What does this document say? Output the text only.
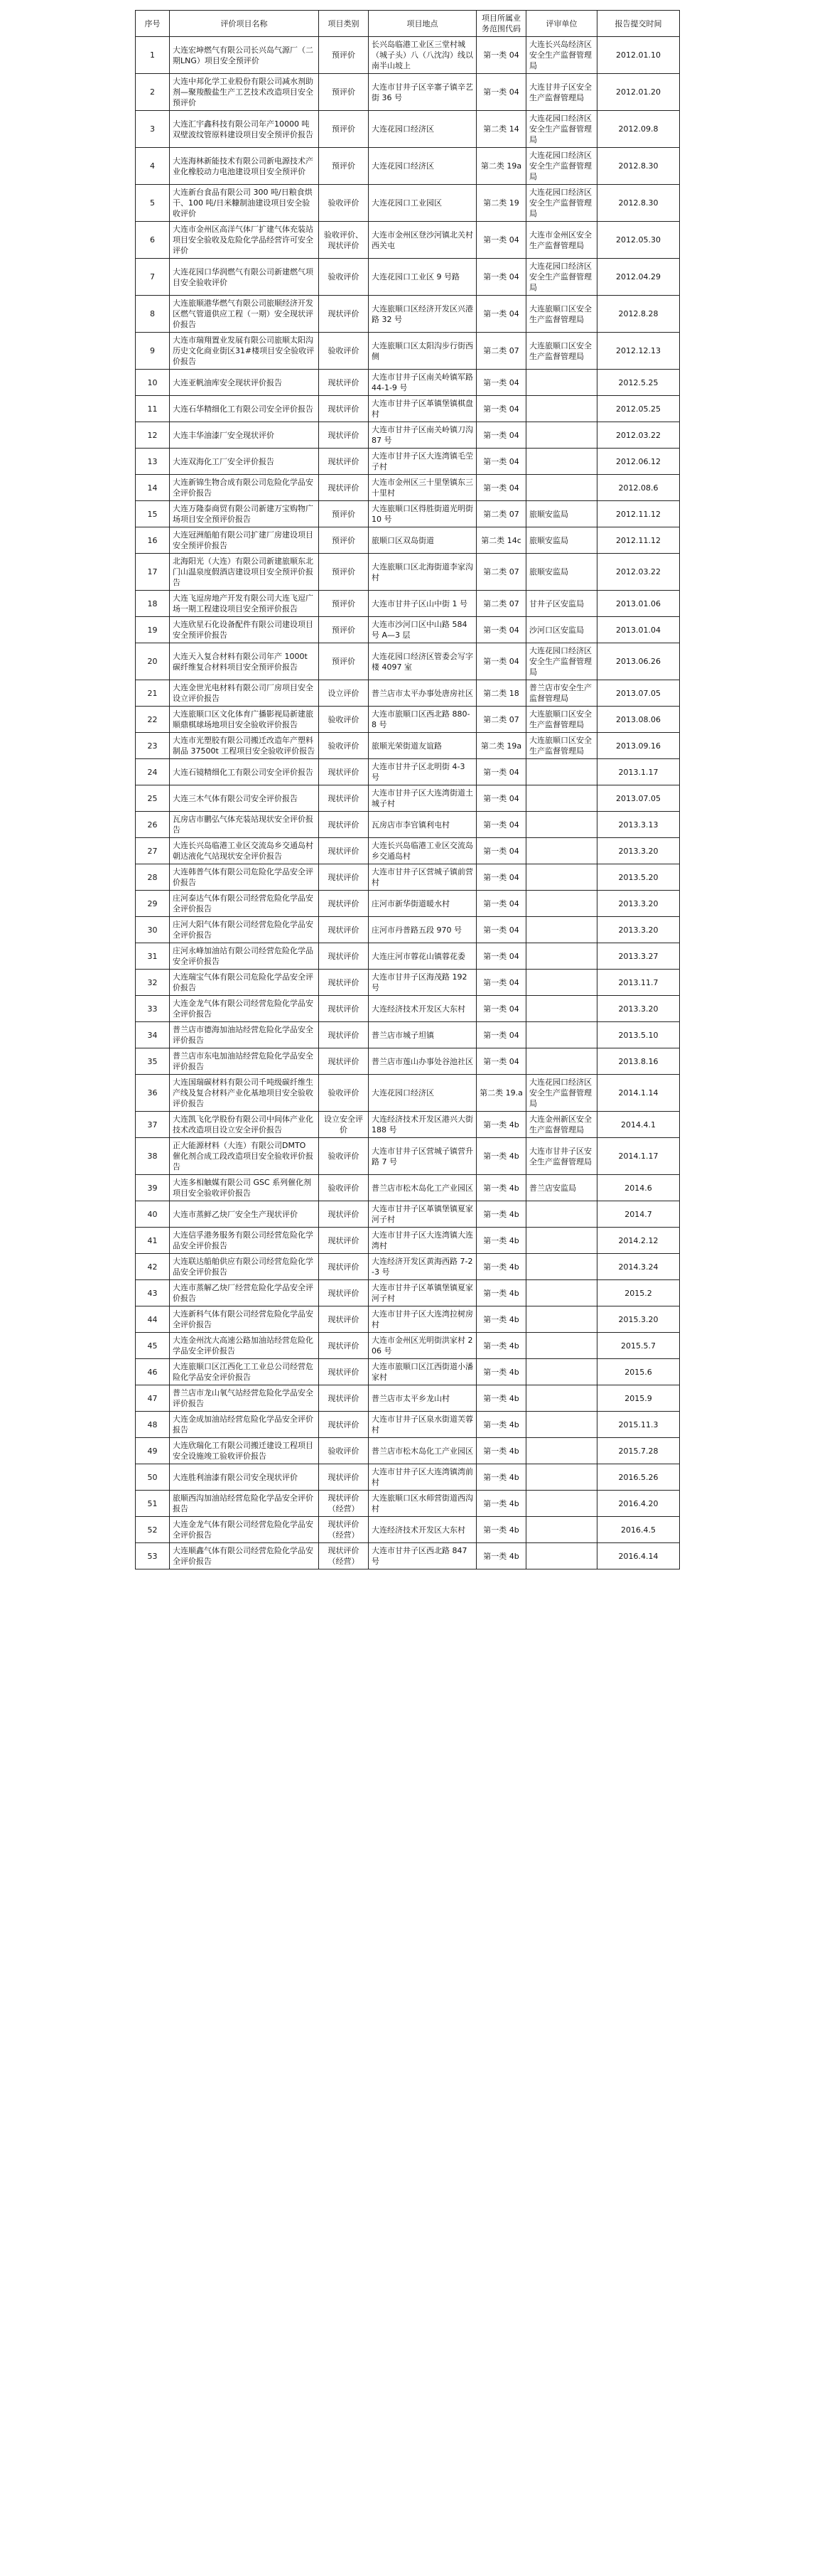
序号	评价项目名称	项目类别	项目地点	项目所属业务范围代码	评审单位	报告提交时间
1	大连宏坤燃气有限公司长兴岛气源厂（二期LNG）项目安全预评价	预评价	长兴岛临港工业区三堂村城（城子头）八（八沈沟）线以南半山坡上	第一类 04	大连长兴岛经济区安全生产监督管理局	2012.01.10
2	大连中邦化学工业股份有限公司减水剂助剂—聚羧酸盐生产工艺技术改造项目安全预评价	预评价	大连市甘井子区辛寨子镇辛艺街 36 号	第一类 04	大连甘井子区安全生产监督管理局	2012.01.20
3	大连汇宇鑫科技有限公司年产10000 吨双壁波纹管原料建设项目安全预评价报告	预评价	大连花园口经济区	第二类 14	大连花园口经济区安全生产监督管理局	2012.09.8
4	大连海林新能技术有限公司新电源技术产业化橡胶动力电池建设项目安全预评价	预评价	大连花园口经济区	第二类 19a	大连花园口经济区安全生产监督管理局	2012.8.30
5	大连新台食品有限公司 300 吨/日粮食烘干、100 吨/日米糠制油建设项目安全验收评价	验收评价	大连花园口工业园区	第二类 19	大连花园口经济区安全生产监督管理局	2012.8.30
6	大连市金州区高洋气体厂扩建气体充装站项目安全验收及危险化学品经营许可安全评价	验收评价、现状评价	大连市金州区登沙河镇北关村西关屯	第一类 04	大连市金州区安全生产监督管理局	2012.05.30
7	大连花园口华润燃气有限公司新建燃气项目安全验收评价	验收评价	大连花园口工业区 9 号路	第一类 04	大连花园口经济区安全生产监督管理局	2012.04.29
8	大连旅顺港华燃气有限公司旅顺经济开发区燃气管道供应工程（一期）安全现状评价报告	现状评价	大连旅顺口区经济开发区兴港路 32 号	第一类 04	大连旅顺口区安全生产监督管理局	2012.8.28
9	大连市瑞翔置业发展有限公司旅顺太阳沟历史文化商业街区31#楼项目安全验收评价报告	验收评价	大连旅顺口区太阳沟步行街西侧	第二类 07	大连旅顺口区安全生产监督管理局	2012.12.13
10	大连亚帆油库安全现状评价报告	现状评价	大连市甘井子区南关岭镇军路 44-1-9 号	第一类 04		2012.5.25
11	大连石华精细化工有限公司安全评价报告	现状评价	大连市甘井子区革镇堡镇棋盘村	第一类 04		2012.05.25
12	大连丰华油漆厂安全现状评价	现状评价	大连市甘井子区南关岭镇刀沟 87 号	第一类 04		2012.03.22
13	大连双海化工厂安全评价报告	现状评价	大连市甘井子区大连湾镇毛茔子村	第一类 04		2012.06.12
14	大连新锦生物合成有限公司危险化学品安全评价报告	现状评价	大连市金州区三十里堡镇东三十里村	第一类 04		2012.08.6
15	大连万隆泰商贸有限公司新建万宝购物广场项目安全预评价报告	预评价	大连旅顺口区得胜街道光明街 10 号	第二类 07	旅顺安监局	2012.11.12
16	大连冠洲船舶有限公司扩建厂房建设项目安全预评价报告	预评价	旅顺口区双岛街道	第二类 14c	旅顺安监局	2012.11.12
17	北海阳光（大连）有限公司新建旅顺东北门山温泉度假酒店建设项目安全预评价报告	预评价	大连旅顺口区北海街道李家沟村	第二类 07	旅顺安监局	2012.03.22
18	大连飞逗房地产开发有限公司大连飞逗广场一期工程建设项目安全预评价报告	预评价	大连市甘井子区山中街 1 号	第二类 07	甘井子区安监局	2013.01.06
19	大连欣星石化设备配件有限公司建设项目安全预评价报告	预评价	大连市沙河口区中山路 584 号 A—3 层	第一类 04	沙河口区安监局	2013.01.04
20	大连天入复合材料有限公司年产 1000t 碳纤维复合材料项目安全预评价报告	预评价	大连花园口经济区管委会写字楼 4097 室	第一类 04	大连花园口经济区安全生产监督管理局	2013.06.26
21	大连金世光电材料有限公司厂房项目安全设立评价报告	设立评价	普兰店市太平办事处唐房社区	第二类 18	普兰店市安全生产监督管理局	2013.07.05
22	大连旅顺口区文化体育广播影视局新建旅顺鼎棋球场地项目安全验收评价报告	验收评价	大连市旅顺口区西北路 880-8 号	第二类 07	大连旅顺口区安全生产监督管理局	2013.08.06
23	大连市光塑胶有限公司搬迁改造年产塑料制品 37500t 工程项目安全验收评价报告	验收评价	旅顺光荣街道友谊路	第二类 19a	大连旅顺口区安全生产监督管理局	2013.09.16
24	大连石镜精细化工有限公司安全评价报告	现状评价	大连市甘井子区北明街 4-3 号	第一类 04		2013.1.17
25	大连三木气体有限公司安全评价报告	现状评价	大连市甘井子区大连湾街道土城子村	第一类 04		2013.07.05
26	瓦房店市鹏弘气体充装站现状安全评价报告	现状评价	瓦房店市李官镇利屯村	第一类 04		2013.3.13
27	大连长兴岛临港工业区交流岛乡交通岛村朝达液化气站现状安全评价报告	现状评价	大连长兴岛临港工业区交流岛乡交通岛村	第一类 04		2013.3.20
28	大连韩普气体有限公司危险化学品安全评价报告	现状评价	大连市甘井子区营城子镇前营村	第一类 04		2013.5.20
29	庄河泰达气体有限公司经营危险化学品安全评价报告	现状评价	庄河市新华街道暖水村	第一类 04		2013.3.20
30	庄河大阳气体有限公司经营危险化学品安全评价报告	现状评价	庄河市丹普路五段 970 号	第一类 04		2013.3.20
31	庄河永峰加油站有限公司经营危险化学品安全评价报告	现状评价	大连庄河市蓉花山镇蓉花委	第一类 04		2013.3.27
32	大连瑞宝气体有限公司危险化学品安全评价报告	现状评价	大连市甘井子区海茂路 192 号	第一类 04		2013.11.7
33	大连金龙气体有限公司经营危险化学品安全评价报告	现状评价	大连经济技术开发区大东村	第一类 04		2013.3.20
34	普兰店市德海加油站经营危险化学品安全评价报告	现状评价	普兰店市城子坦镇	第一类 04		2013.5.10
35	普兰店市东电加油站经营危险化学品安全评价报告	现状评价	普兰店市莲山办事处谷池社区	第一类 04		2013.8.16
36	大连国瑞碳材料有限公司千吨级碳纤维生产线及复合材料产业化基地项目安全验收评价报告	验收评价	大连花园口经济区	第二类 19.a	大连花园口经济区安全生产监督管理局	2014.1.14
37	大连凯飞化学股份有限公司中间体产业化技术改造项目设立安全评价报告	设立安全评价	大连经济技术开发区港兴大街 188 号	第一类 4b	大连金州新区安全生产监督管理局	2014.4.1
38	正大能源材料（大连）有限公司DMTO 催化剂合成工段改造项目安全验收评价报告	验收评价	大连市甘井子区营城子镇营升路 7 号	第一类 4b	大连市甘井子区安全生产监督管理局	2014.1.17
39	大连多相触媒有限公司 GSC 系列催化剂项目安全验收评价报告	验收评价	普兰店市松木岛化工产业园区	第一类 4b	普兰店安监局	2014.6
40	大连市蒸鲜乙炔厂安全生产现状评价	现状评价	大连市甘井子区革镇堡镇夏家河子村	第一类 4b		2014.7
41	大连信孚港务服务有限公司经营危险化学品安全评价报告	现状评价	大连市甘井子区大连湾镇大连湾村	第一类 4b		2014.2.12
42	大连联达船舶供应有限公司经营危险化学品安全评价报告	现状评价	大连经济开发区黄海西路 7-2-3 号	第一类 4b		2014.3.24
43	大连市蒸解乙炔厂经营危险化学品安全评价报告	现状评价	大连市甘井子区革镇堡镇夏家河子村	第一类 4b		2015.2
44	大连新科气体有限公司经营危险化学品安全评价报告	现状评价	大连市甘井子区大连湾拉树房村	第一类 4b		2015.3.20
45	大连金州沈大高速公路加油站经营危险化学品安全评价报告	现状评价	大连市金州区光明街洪家村 206 号	第一类 4b		2015.5.7
46	大连旅顺口区江西化工工业总公司经营危险化学品安全评价报告	现状评价	大连市旅顺口区江西街道小潘家村	第一类 4b		2015.6
47	普兰店市龙山氧气站经营危险化学品安全评价报告	现状评价	普兰店市太平乡龙山村	第一类 4b		2015.9
48	大连金成加油站经营危险化学品安全评价报告	现状评价	大连市甘井子区泉水街道芙蓉村	第一类 4b		2015.11.3
49	大连欣瑞化工有限公司搬迁建设工程项目安全设施竣工验收评价报告	验收评价	普兰店市松木岛化工产业园区	第一类 4b		2015.7.28
50	大连胜利油漆有限公司安全现状评价	现状评价	大连市甘井子区大连湾镇湾前村	第一类 4b		2016.5.26
51	旅顺西沟加油站经营危险化学品安全评价报告	现状评价（经营）	大连旅顺口区水师营街道西沟村	第一类 4b		2016.4.20
52	大连金龙气体有限公司经营危险化学品安全评价报告	现状评价（经营）	大连经济技术开发区大东村	第一类 4b		2016.4.5
53	大连顺鑫气体有限公司经营危险化学品安全评价报告	现状评价（经营）	大连市甘井子区西北路 847 号	第一类 4b		2016.4.14
